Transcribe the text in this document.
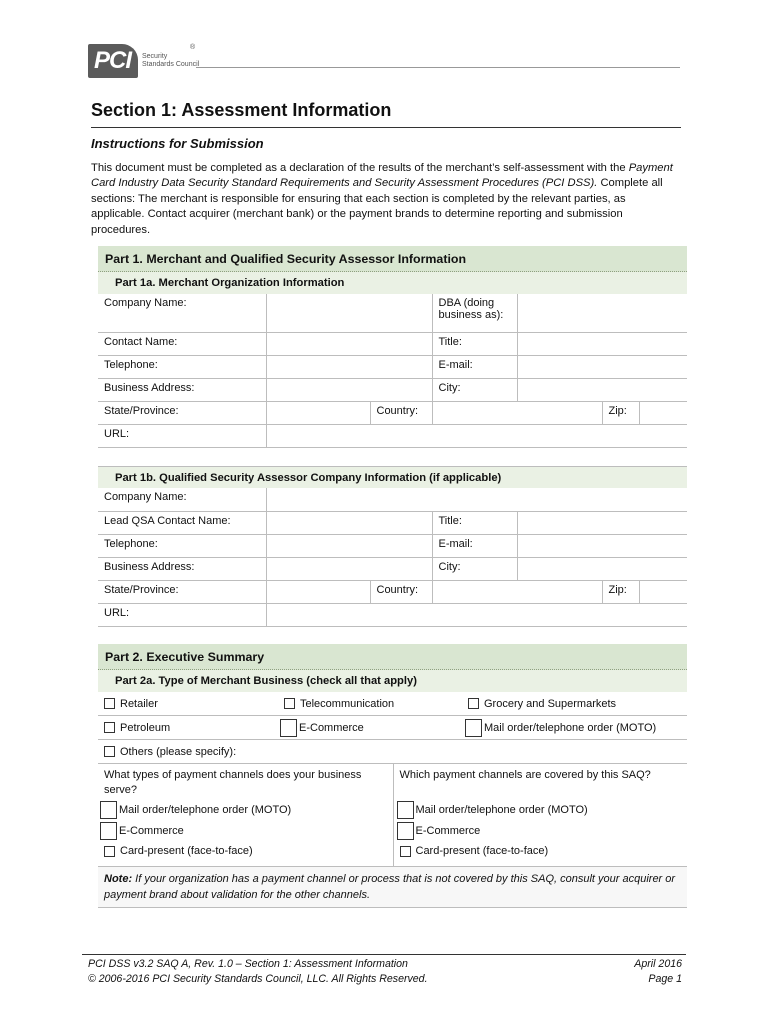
PCI	Security
Standards Council
®
Section 1: Assessment Information
Instructions for Submission
This document must be completed as a declaration of the results of the merchant’s self-assessment with the Payment Card Industry Data Security Standard Requirements and Security Assessment Procedures (PCI DSS). Complete all sections: The merchant is responsible for ensuring that each section is completed by the relevant parties, as applicable. Contact acquirer (merchant bank) or the payment brands to determine reporting and submission procedures.
Part 1. Merchant and Qualified Security Assessor Information
Part 1a. Merchant Organization Information
Company Name:			DBA (doing business as):		
Contact Name:			Title:		
Telephone:			E-mail:		
Business Address:			City:		
State/Province:		Country:			Zip:

URL:					
Part 1b. Qualified Security Assessor Company Information (if applicable)
Company Name:					
Lead QSA Contact Name:			Title:		
Telephone:			E-mail:		
Business Address:			City:		
State/Province:		Country:			Zip:

URL:					
Part 2. Executive Summary
Part 2a. Type of Merchant Business (check all that apply)
Retailer	Telecommunication	Grocery and Supermarkets
Petroleum	E-Commerce	Mail order/telephone order (MOTO)
Others (please specify):
What types of payment channels does your business serve?
Mail order/telephone order (MOTO)
E-Commerce
Card-present (face-to-face)
Which payment channels are covered by this SAQ?
Mail order/telephone order (MOTO)
E-Commerce
Card-present (face-to-face)
Note: If your organization has a payment channel or process that is not covered by this SAQ, consult your acquirer or payment brand about validation for the other channels.
PCI DSS v3.2 SAQ A, Rev. 1.0 – Section 1: Assessment Information
© 2006-2016 PCI Security Standards Council, LLC. All Rights Reserved.
April 2016
Page 1
